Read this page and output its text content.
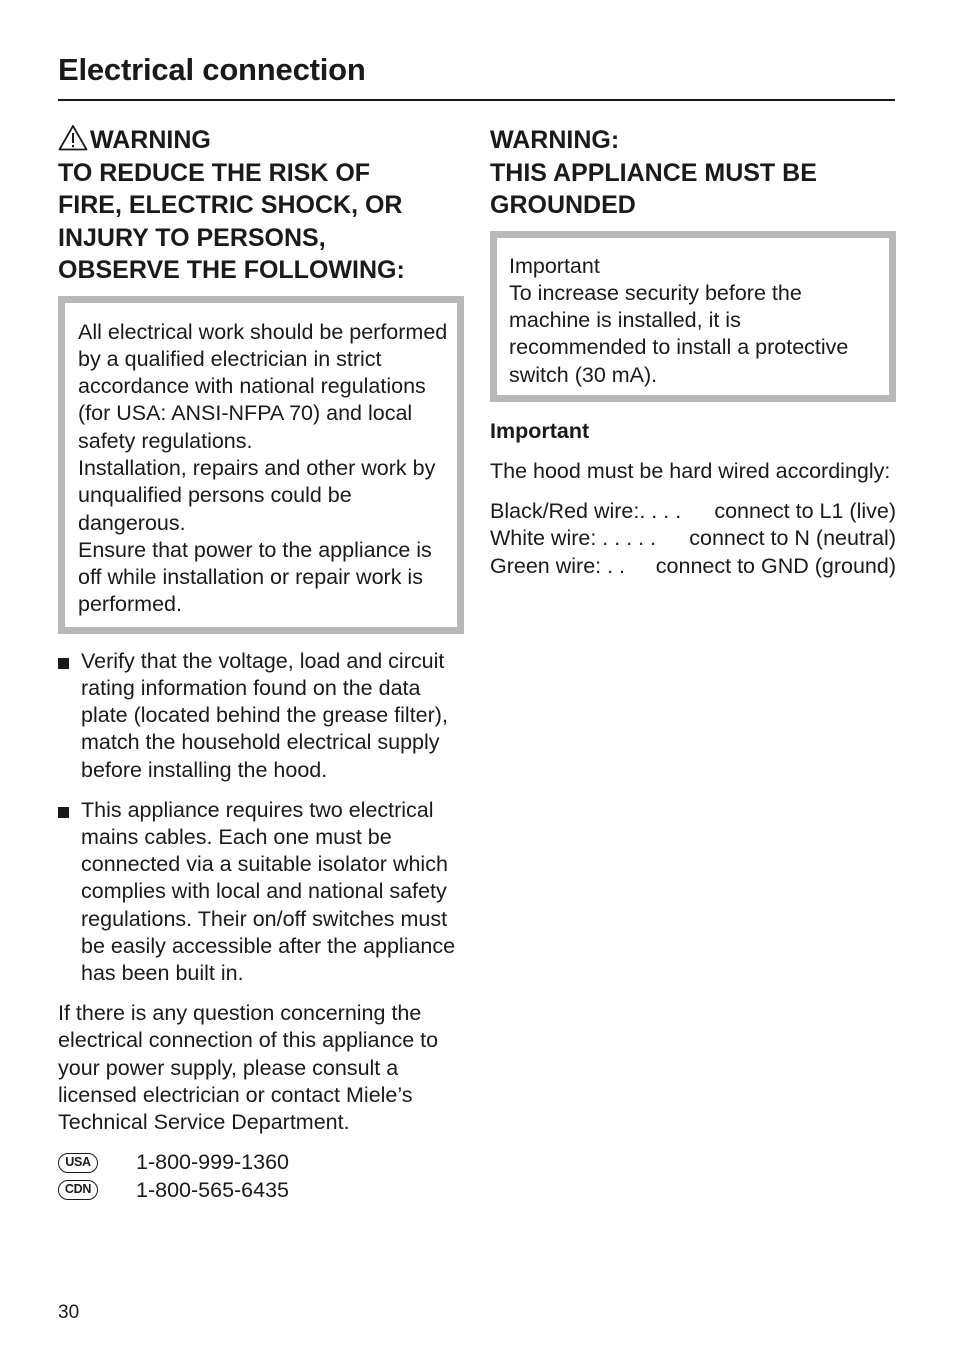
Electrical connection
WARNING
TO REDUCE THE RISK OF
FIRE, ELECTRIC SHOCK, OR
INJURY TO PERSONS,
OBSERVE THE FOLLOWING:

All electrical work should be performed by a qualified electrician in strict accordance with national regulations (for USA: ANSI-NFPA 70) and local safety regulations.

Installation, repairs and other work by unqualified persons could be dangerous.

Ensure that power to the appliance is off while installation or repair work is performed.

Verify that the voltage, load and circuit rating information found on the data plate (located behind the grease filter), match the household electrical supply before installing the hood.
This appliance requires two electrical mains cables. Each one must be connected via a suitable isolator which complies with local and national safety regulations. Their on/off switches must be easily accessible after the appliance has been built in.

If there is any question concerning the electrical connection of this appliance to your power supply, please consult a licensed electrician or contact Miele’s Technical Service Department.

USA	1-800-999-1360
CDN	1-800-565-6435
WARNING:
THIS APPLIANCE MUST BE
GROUNDED

Important

To increase security before the machine is installed, it is recommended to install a protective switch (30 mA).

Important

The hood must be hard wired accordingly:

Black/Red wire:. . . . connect to L1 (live)
White wire: . . . . . connect to N (neutral)
Green wire: . . connect to GND (ground)
30
